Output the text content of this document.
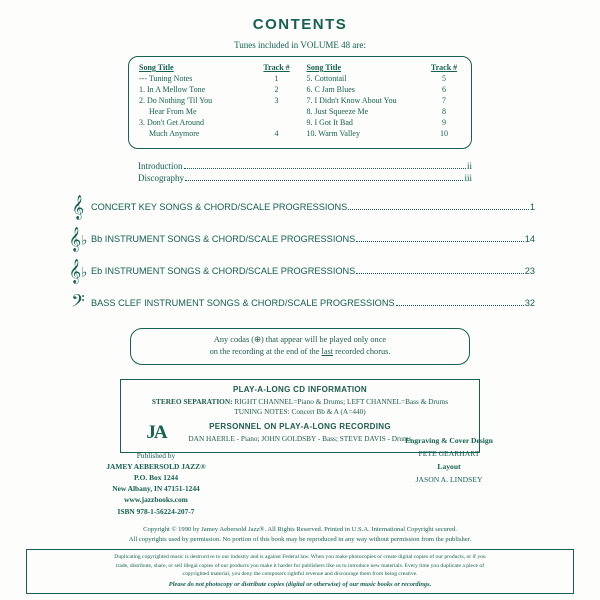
CONTENTS
Tunes included in VOLUME 48 are:
Song Title	Track #
--- Tuning Notes	1
1. In A Mellow Tone	2
2. Do Nothing 'Til You	3
Hear From Me	
3. Don't Get Around	
Much Anymore	4
Song Title	Track #
5. Cottontail	5
6. C Jam Blues	6
7. I Didn't Know About You	7
8. Just Squeeze Me	8
9. I Got It Bad	9
10. Warm Valley	10
Introduction	ii
Discography	iii
𝄞 CONCERT KEY SONGS & CHORD/SCALE PROGRESSIONS	1
𝄞♭ Bb INSTRUMENT SONGS & CHORD/SCALE PROGRESSIONS	14
𝄞♭ Eb INSTRUMENT SONGS & CHORD/SCALE PROGRESSIONS	23
𝄢 BASS CLEF INSTRUMENT SONGS & CHORD/SCALE PROGRESSIONS	32
Any codas (⊕) that appear will be played only once
on the recording at the end of the last recorded chorus.
PLAY-A-LONG CD INFORMATION
STEREO SEPARATION: RIGHT CHANNEL=Piano & Drums; LEFT CHANNEL=Bass & Drums
TUNING NOTES: Concert Bb & A (A=440)
PERSONNEL ON PLAY-A-LONG RECORDING
DAN HAERLE - Piano; JOHN GOLDSBY - Bass; STEVE DAVIS - Drums
JA
Published by
JAMEY AEBERSOLD JAZZ®
P.O. Box 1244
New Albany, IN 47151-1244
www.jazzbooks.com
ISBN 978-1-56224-207-7
Engraving & Cover Design
PETE GEARHART
Layout
JASON A. LINDSEY
Copyright © 1990 by Jamey Aebersold Jazz®. All Rights Reserved. Printed in U.S.A. International Copyright secured.
All copyrights used by permission. No portion of this book may be reproduced in any way without permission from the publisher.
Duplicating copyrighted music is destructive to our industry and is against Federal law. When you make photocopies or create digital copies of our products, or if you
trade, distribute, share, or sell illegal copies of our products you make it harder for publishers like us to introduce new materials. Every time you duplicate a piece of
copyrighted material, you deny the composers rightful revenue and discourage them from being creative.
Please do not photocopy or distribute copies (digital or otherwise) of our music books or recordings.
